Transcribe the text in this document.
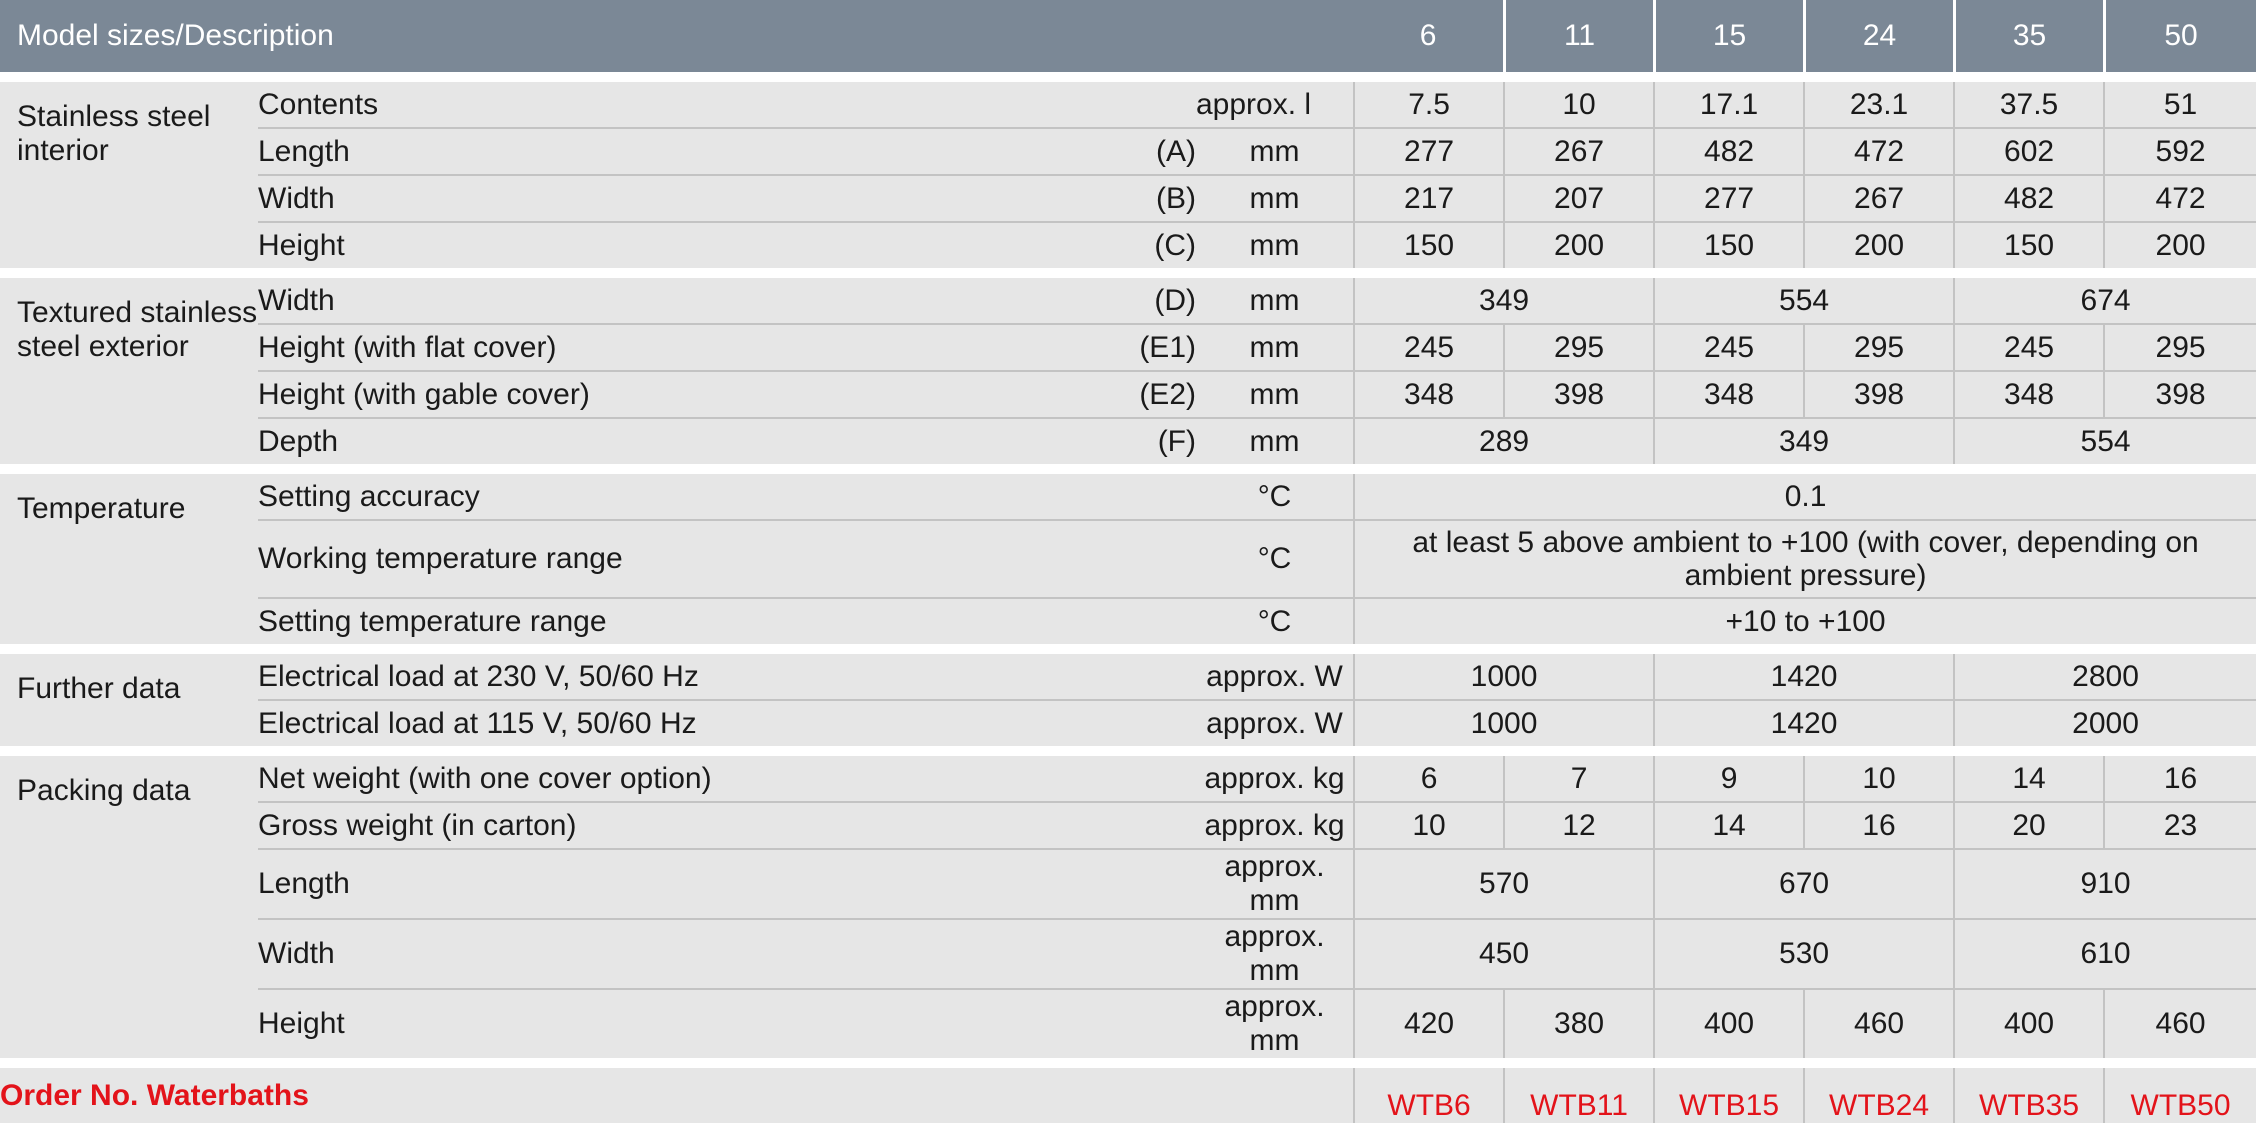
Model sizes/Description				6	11	15	24	35	50

Stainless steel interior	Contents		approx. l	7.5	10	17.1	23.1	37.5	51
	Length	(A)	mm	277	267	482	472	602	592
	Width	(B)	mm	217	207	277	267	482	472
	Height	(C)	mm	150	200	150	200	150	200

Textured stainless steel exterior	Width	(D)	mm	349		554		674	
	Height (with flat cover)	(E1)	mm	245	295	245	295	245	295
	Height (with gable cover)	(E2)	mm	348	398	348	398	348	398
	Depth	(F)	mm	289		349		554	

Temperature	Setting accuracy		°C	0.1					
	Working temperature range		°C	at least 5 above ambient to +100 (with cover, depending on ambient pressure)					
	Setting temperature range		°C	+10 to +100					

Further data	Electrical load at 230 V, 50/60 Hz		approx. W	1000		1420		2800	
	Electrical load at 115 V, 50/60 Hz		approx. W	1000		1420		2000	

Packing data	Net weight (with one cover option)		approx. kg	6	7	9	10	14	16
	Gross weight (in carton)		approx. kg	10	12	14	16	20	23
	Length		approx. mm	570		670		910	
	Width		approx. mm	450		530		610	
	Height		approx. mm	420	380	400	460	400	460

Order No. Waterbaths				WTB6	WTB11	WTB15	WTB24	WTB35	WTB50
